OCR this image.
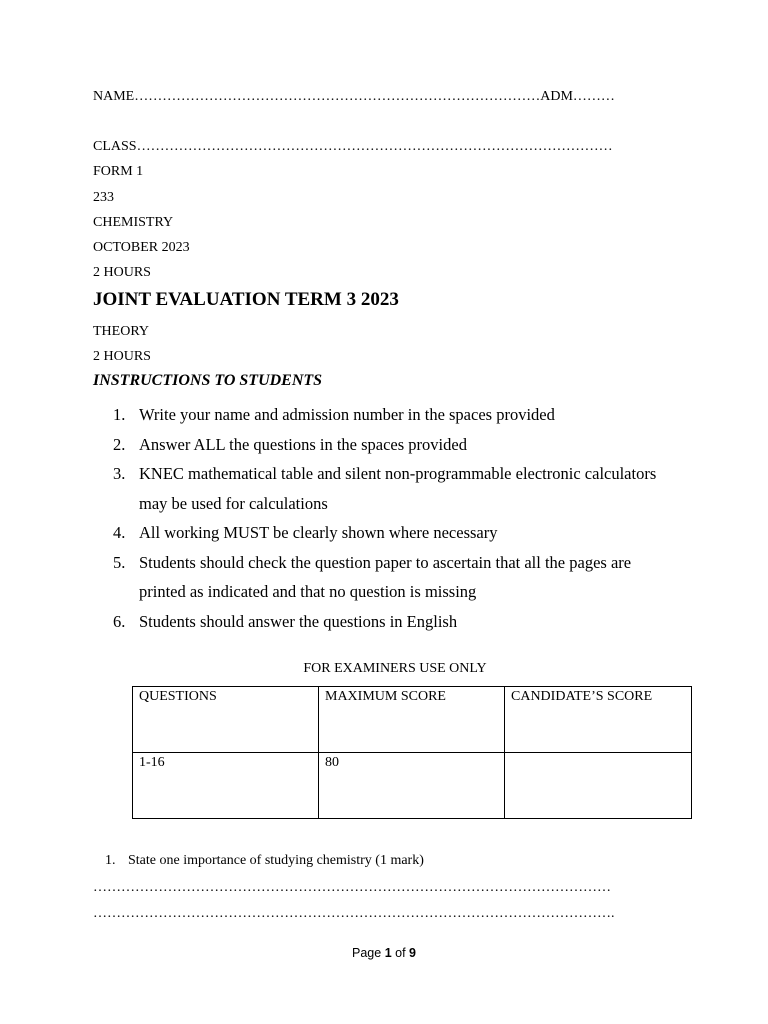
NAME……………………………………………………………………………ADM………
CLASS…………………………………………………………………………………………
FORM 1
233
CHEMISTRY
OCTOBER 2023
2 HOURS
JOINT EVALUATION TERM 3 2023
THEORY
2 HOURS
INSTRUCTIONS TO STUDENTS
1. Write your name and admission number in the spaces provided
2. Answer ALL the questions in the spaces provided
3. KNEC mathematical table and silent non-programmable electronic calculators may be used for calculations
4. All working MUST be clearly shown where necessary
5. Students should check the question paper to ascertain that all the pages are printed as indicated and that no question is missing
6. Students should answer the questions in English
FOR EXAMINERS USE ONLY
QUESTIONS	MAXIMUM SCORE	CANDIDATE’S SCORE
1-16	80	
1. State one importance of studying chemistry (1 mark)
…………………………………………………………………………………………………
………………………………………………………………………………………………….
Page 1 of 9
